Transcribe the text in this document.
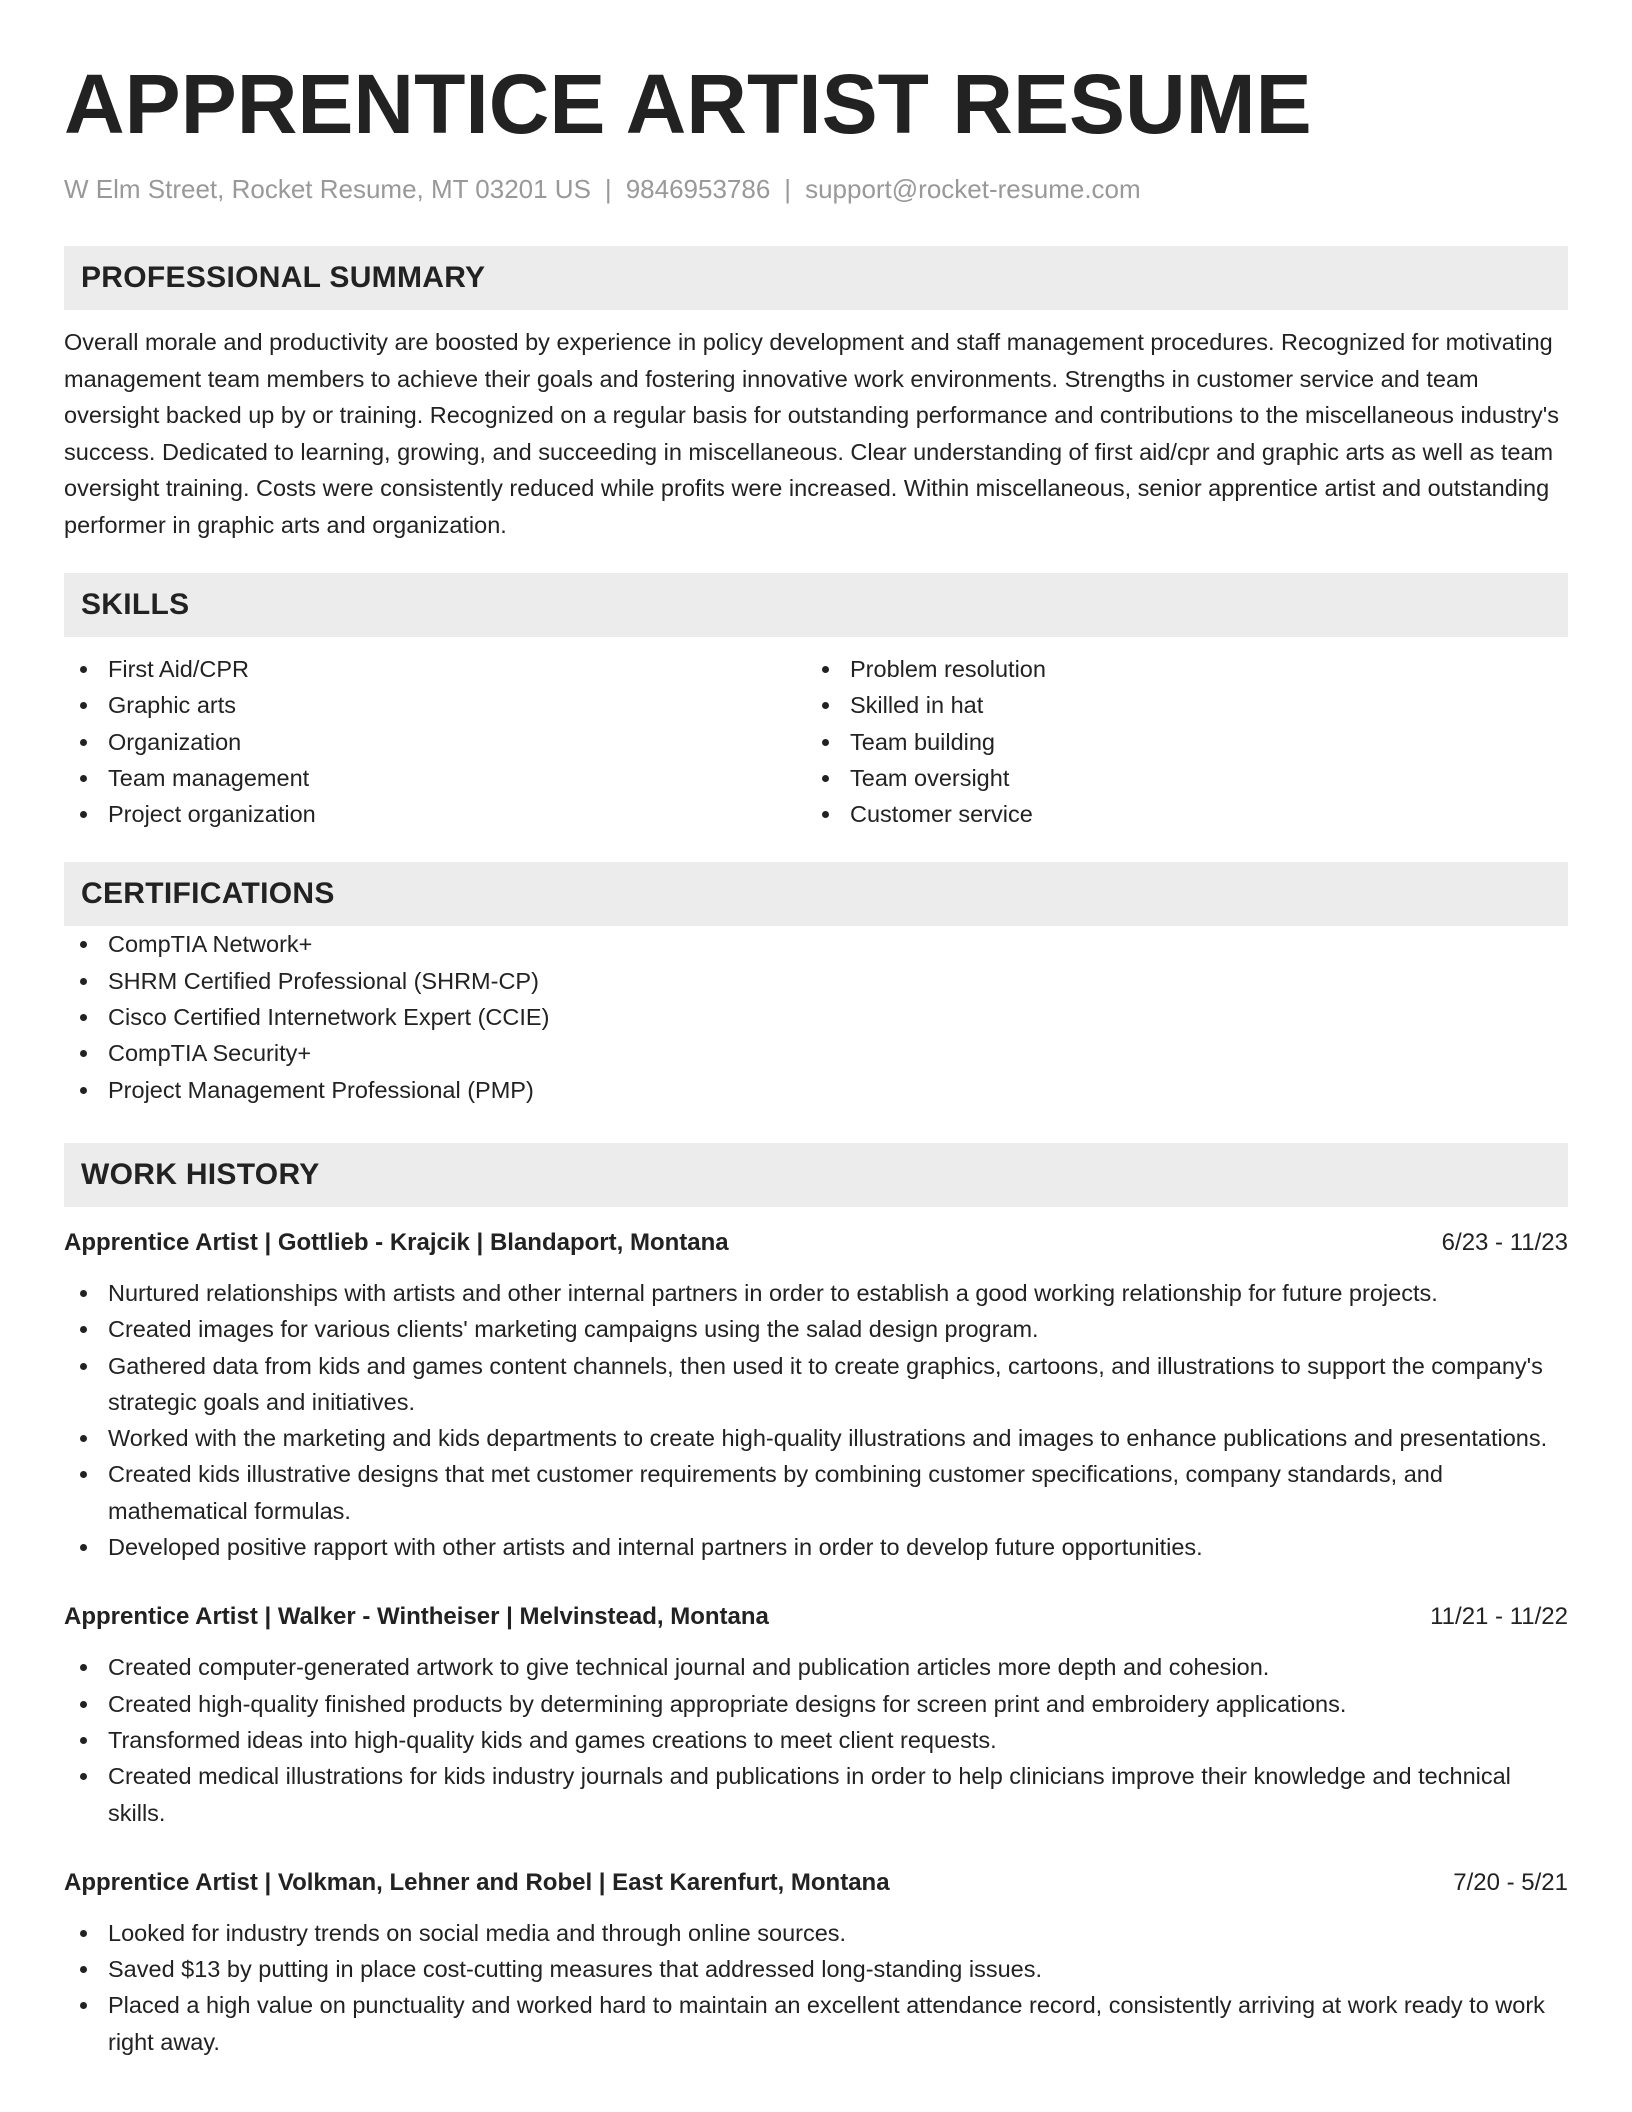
APPRENTICE ARTIST RESUME
W Elm Street, Rocket Resume, MT 03201 US | 9846953786 | support@rocket-resume.com
PROFESSIONAL SUMMARY

Overall morale and productivity are boosted by experience in policy development and staff management procedures. Recognized for motivating management team members to achieve their goals and fostering innovative work environments. Strengths in customer service and team oversight backed up by or training. Recognized on a regular basis for outstanding performance and contributions to the miscellaneous industry's success. Dedicated to learning, growing, and succeeding in miscellaneous. Clear understanding of first aid/cpr and graphic arts as well as team oversight training. Costs were consistently reduced while profits were increased. Within miscellaneous, senior apprentice artist and outstanding performer in graphic arts and organization.

SKILLS
First Aid/CPR
Graphic arts
Organization
Team management
Project organization
Problem resolution
Skilled in hat
Team building
Team oversight
Customer service
CERTIFICATIONS
CompTIA Network+
SHRM Certified Professional (SHRM-CP)
Cisco Certified Internetwork Expert (CCIE)
CompTIA Security+
Project Management Professional (PMP)
WORK HISTORY
Apprentice Artist | Gottlieb - Krajcik | Blandaport, Montana	6/23 - 11/23
Nurtured relationships with artists and other internal partners in order to establish a good working relationship for future projects.
Created images for various clients' marketing campaigns using the salad design program.
Gathered data from kids and games content channels, then used it to create graphics, cartoons, and illustrations to support the company's strategic goals and initiatives.
Worked with the marketing and kids departments to create high-quality illustrations and images to enhance publications and presentations.
Created kids illustrative designs that met customer requirements by combining customer specifications, company standards, and mathematical formulas.
Developed positive rapport with other artists and internal partners in order to develop future opportunities.
Apprentice Artist | Walker - Wintheiser | Melvinstead, Montana	11/21 - 11/22
Created computer-generated artwork to give technical journal and publication articles more depth and cohesion.
Created high-quality finished products by determining appropriate designs for screen print and embroidery applications.
Transformed ideas into high-quality kids and games creations to meet client requests.
Created medical illustrations for kids industry journals and publications in order to help clinicians improve their knowledge and technical skills.
Apprentice Artist | Volkman, Lehner and Robel | East Karenfurt, Montana	7/20 - 5/21
Looked for industry trends on social media and through online sources.
Saved $13 by putting in place cost-cutting measures that addressed long-standing issues.
Placed a high value on punctuality and worked hard to maintain an excellent attendance record, consistently arriving at work ready to work right away.
